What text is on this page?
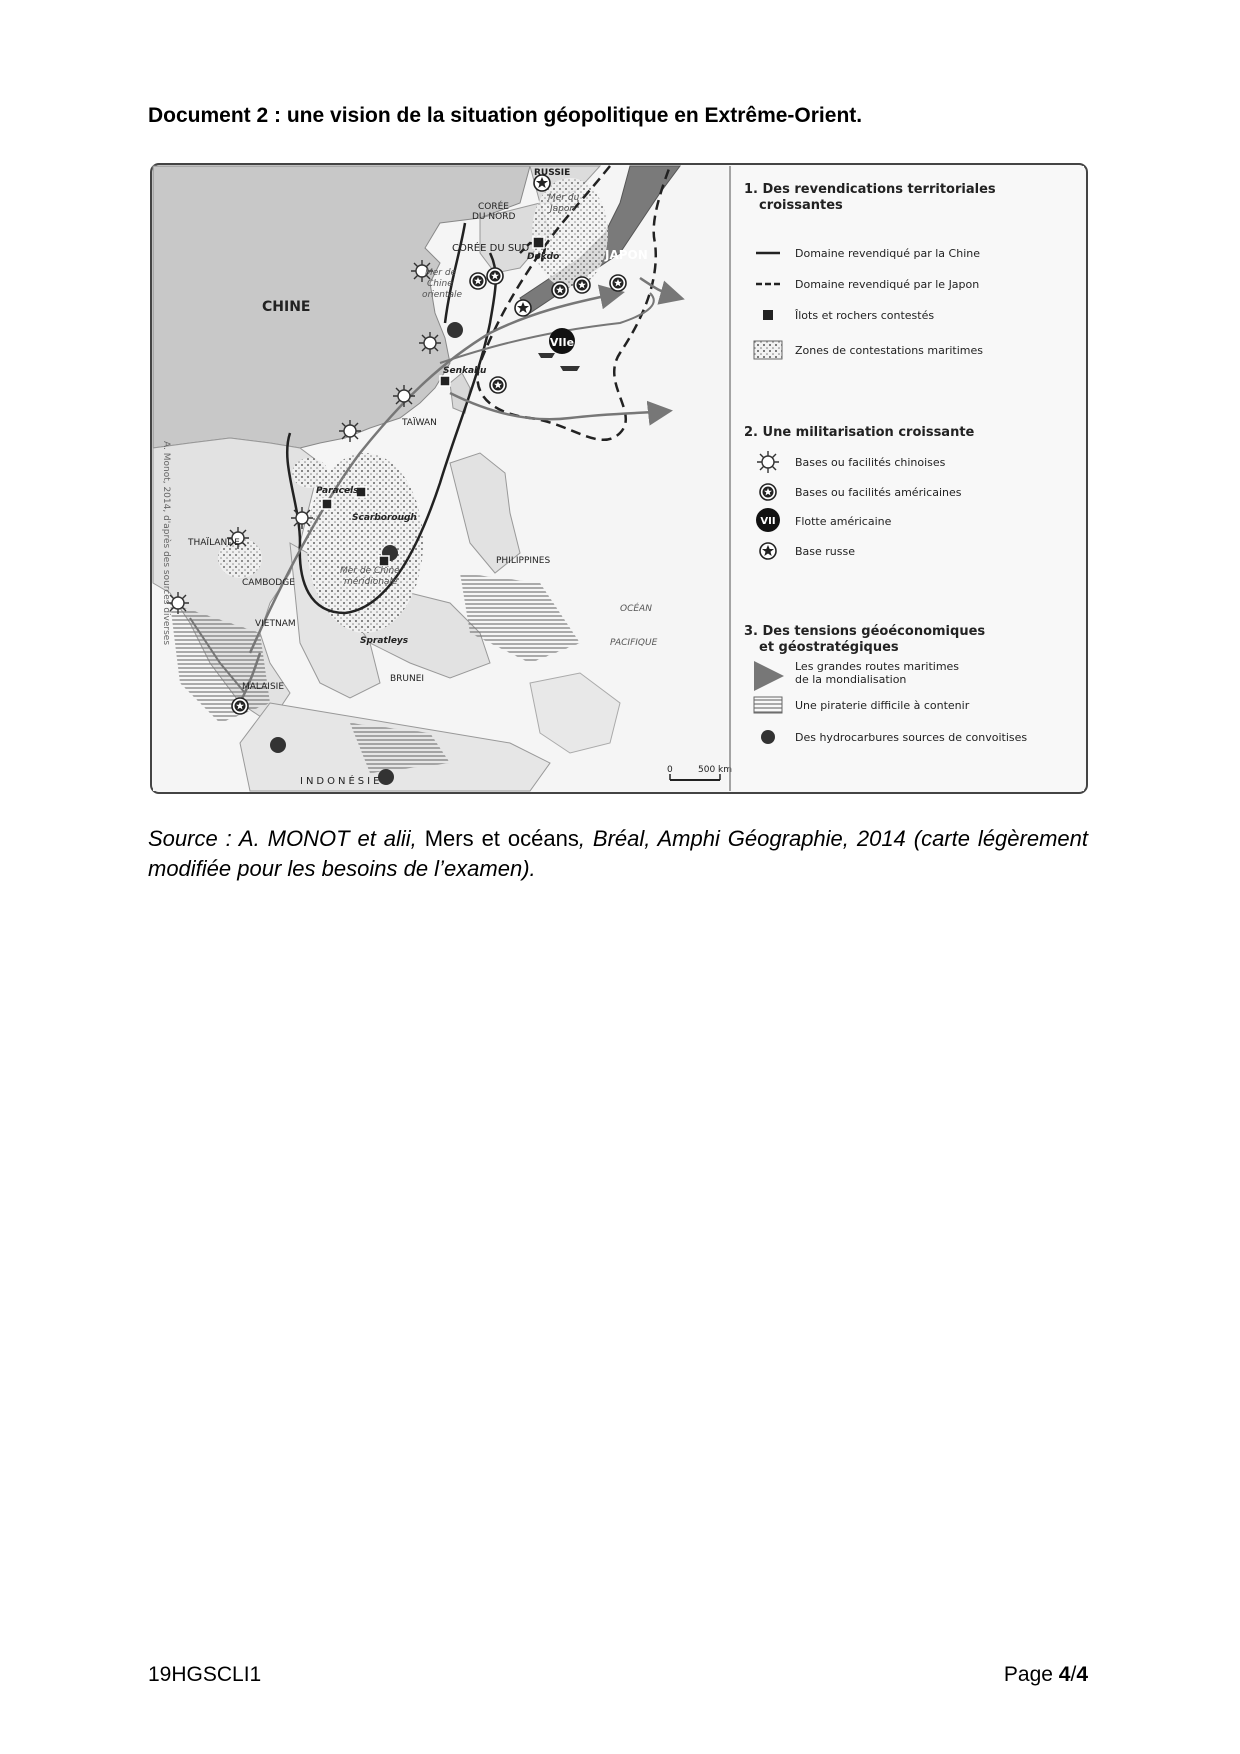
Document 2 : une vision de la situation géopolitique en Extrême-Orient.
VIIe
CHINE
RUSSIE
CORÉE
DU NORD
CORÉE DU SUD
Mer du
Japon
Dokdo	JAPON
Mer de
Chine
orientale
Senkaku
TAÏWAN
Paracels
Scarborough
THAÏLANDE
CAMBODGE
VIETNAM
Mer de Chine
méridionale
Spratleys
PHILIPPINES
OCÉAN
PACIFIQUE
MALAISIE
BRUNEI
INDONÉSIE
0	500 km
A. Monot, 2014, d'après des sources diverses
1. Des revendications territoriales
croissantes
Domaine revendiqué par la Chine
Domaine revendiqué par le Japon
Îlots et rochers contestés
Zones de contestations maritimes
2. Une militarisation croissante
Bases ou facilités chinoises
Bases ou facilités américaines
VII Flotte américaine
Base russe
3. Des tensions géoéconomiques
et géostratégiques
Les grandes routes maritimes
de la mondialisation
Une piraterie difficile à contenir
Des hydrocarbures sources de convoitises

Source : A. MONOT et alii, Mers et océans, Bréal, Amphi Géographie, 2014 (carte légèrement modifiée pour les besoins de l’examen).

19HGSCLI1	Page 4/4
